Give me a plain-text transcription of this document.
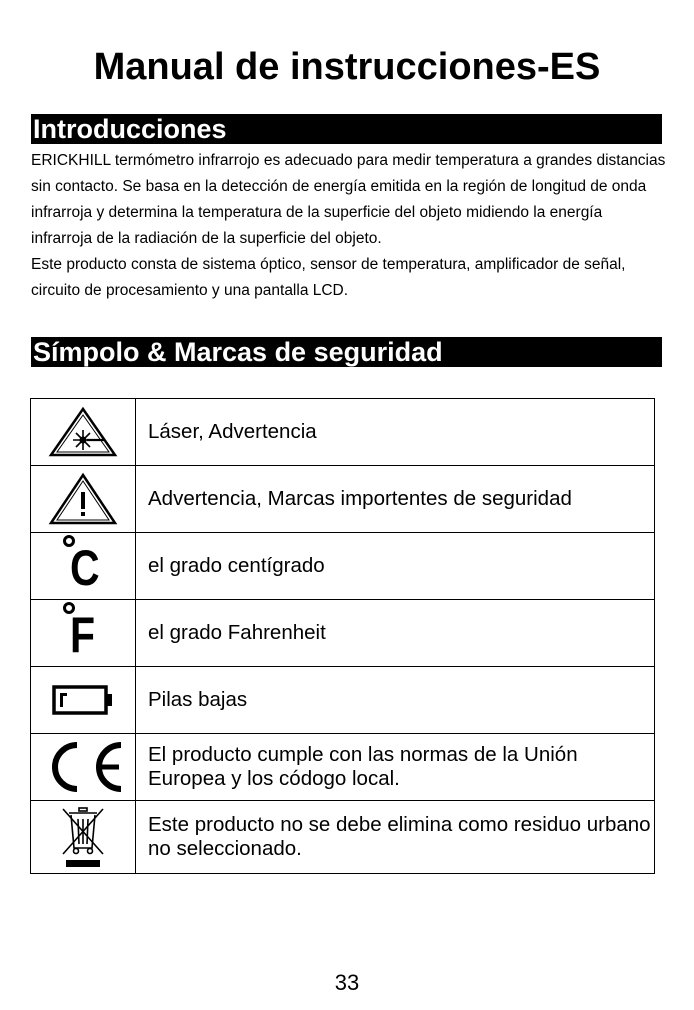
Manual de instrucciones-ES
Introducciones

ERICKHILL termómetro infrarrojo es adecuado para medir temperatura a grandes distancias sin contacto. Se basa en la detección de energía emitida en la región de longitud de onda infrarroja y determina la temperatura de la superficie del objeto midiendo la energía infrarroja de la radiación de la superficie del objeto.

Este producto consta de sistema óptico, sensor de temperatura, amplificador de señal, circuito de procesamiento y una pantalla LCD.

Símpolo & Marcas de seguridad
	Láser, Advertencia
	Advertencia, Marcas importentes de seguridad

C	el grado centígrado

F	el grado Fahrenheit
	Pilas bajas
	El producto cumple con las normas de la Unión Europea y los códogo local.
	Este producto no se debe elimina como residuo urbano no seleccionado.
33
